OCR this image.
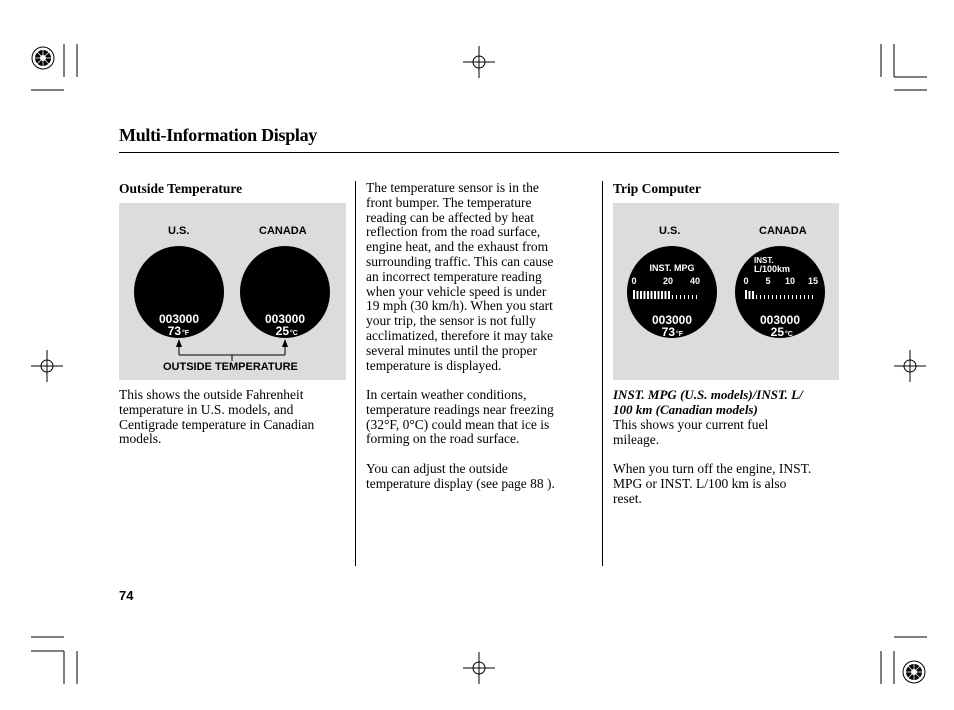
Multi-Information Display
Outside Temperature
U.S.	CANADA
003000
73 °F
003000
25 °C
OUTSIDE TEMPERATURE
This shows the outside Fahrenheit
temperature in U.S. models, and
Centigrade temperature in Canadian
models.
The temperature sensor is in the
front bumper. The temperature
reading can be affected by heat
reflection from the road surface,
engine heat, and the exhaust from
surrounding traffic. This can cause
an incorrect temperature reading
when your vehicle speed is under
19 mph (30 km/h). When you start
your trip, the sensor is not fully
acclimatized, therefore it may take
several minutes until the proper
temperature is displayed.
In certain weather conditions,
temperature readings near freezing
(32°F, 0°C) could mean that ice is
forming on the road surface.
You can adjust the outside
temperature display (see page 88 ).
Trip Computer
U.S.	CANADA
INST. MPG
0	20 40
003000
73 °F
INST.
L/100km
0 5 10 15
003000
25 °C
INST. MPG (U.S. models)/INST. L/
100 km (Canadian models)
This shows your current fuel
mileage.
When you turn off the engine, INST.
MPG or INST. L/100 km is also
reset.
74
